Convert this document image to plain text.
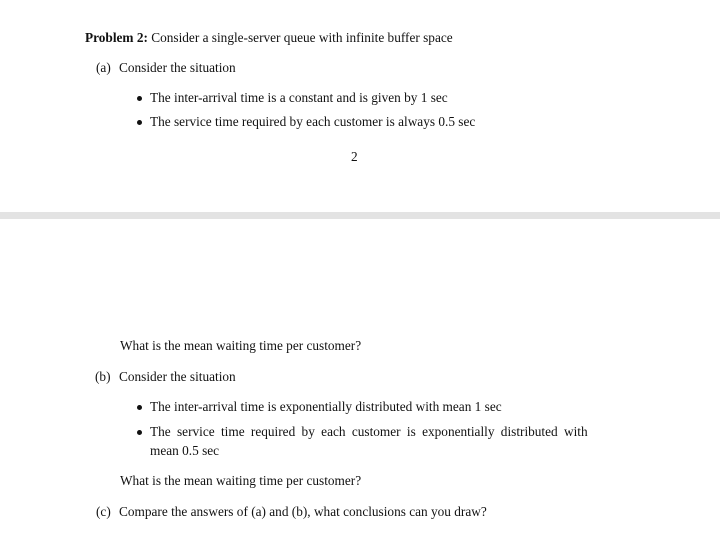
Problem 2: Consider a single-server queue with infinite buffer space
(a) Consider the situation
The inter-arrival time is a constant and is given by 1 sec
The service time required by each customer is always 0.5 sec
2
What is the mean waiting time per customer?
(b) Consider the situation
The inter-arrival time is exponentially distributed with mean 1 sec
The service time required by each customer is exponentially distributed with
mean 0.5 sec
What is the mean waiting time per customer?
(c) Compare the answers of (a) and (b), what conclusions can you draw?
